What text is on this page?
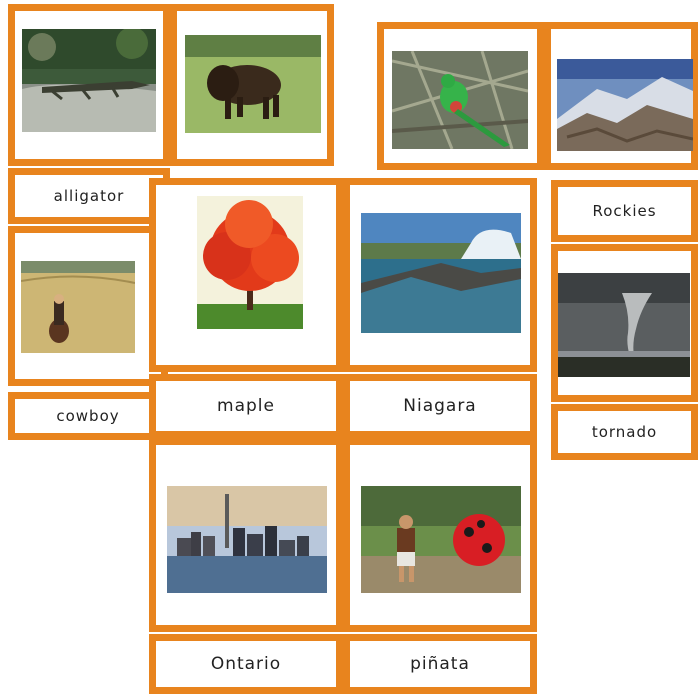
alligator
cowboy
Rockies
tornado
maple	Niagara
Ontario	piñata
